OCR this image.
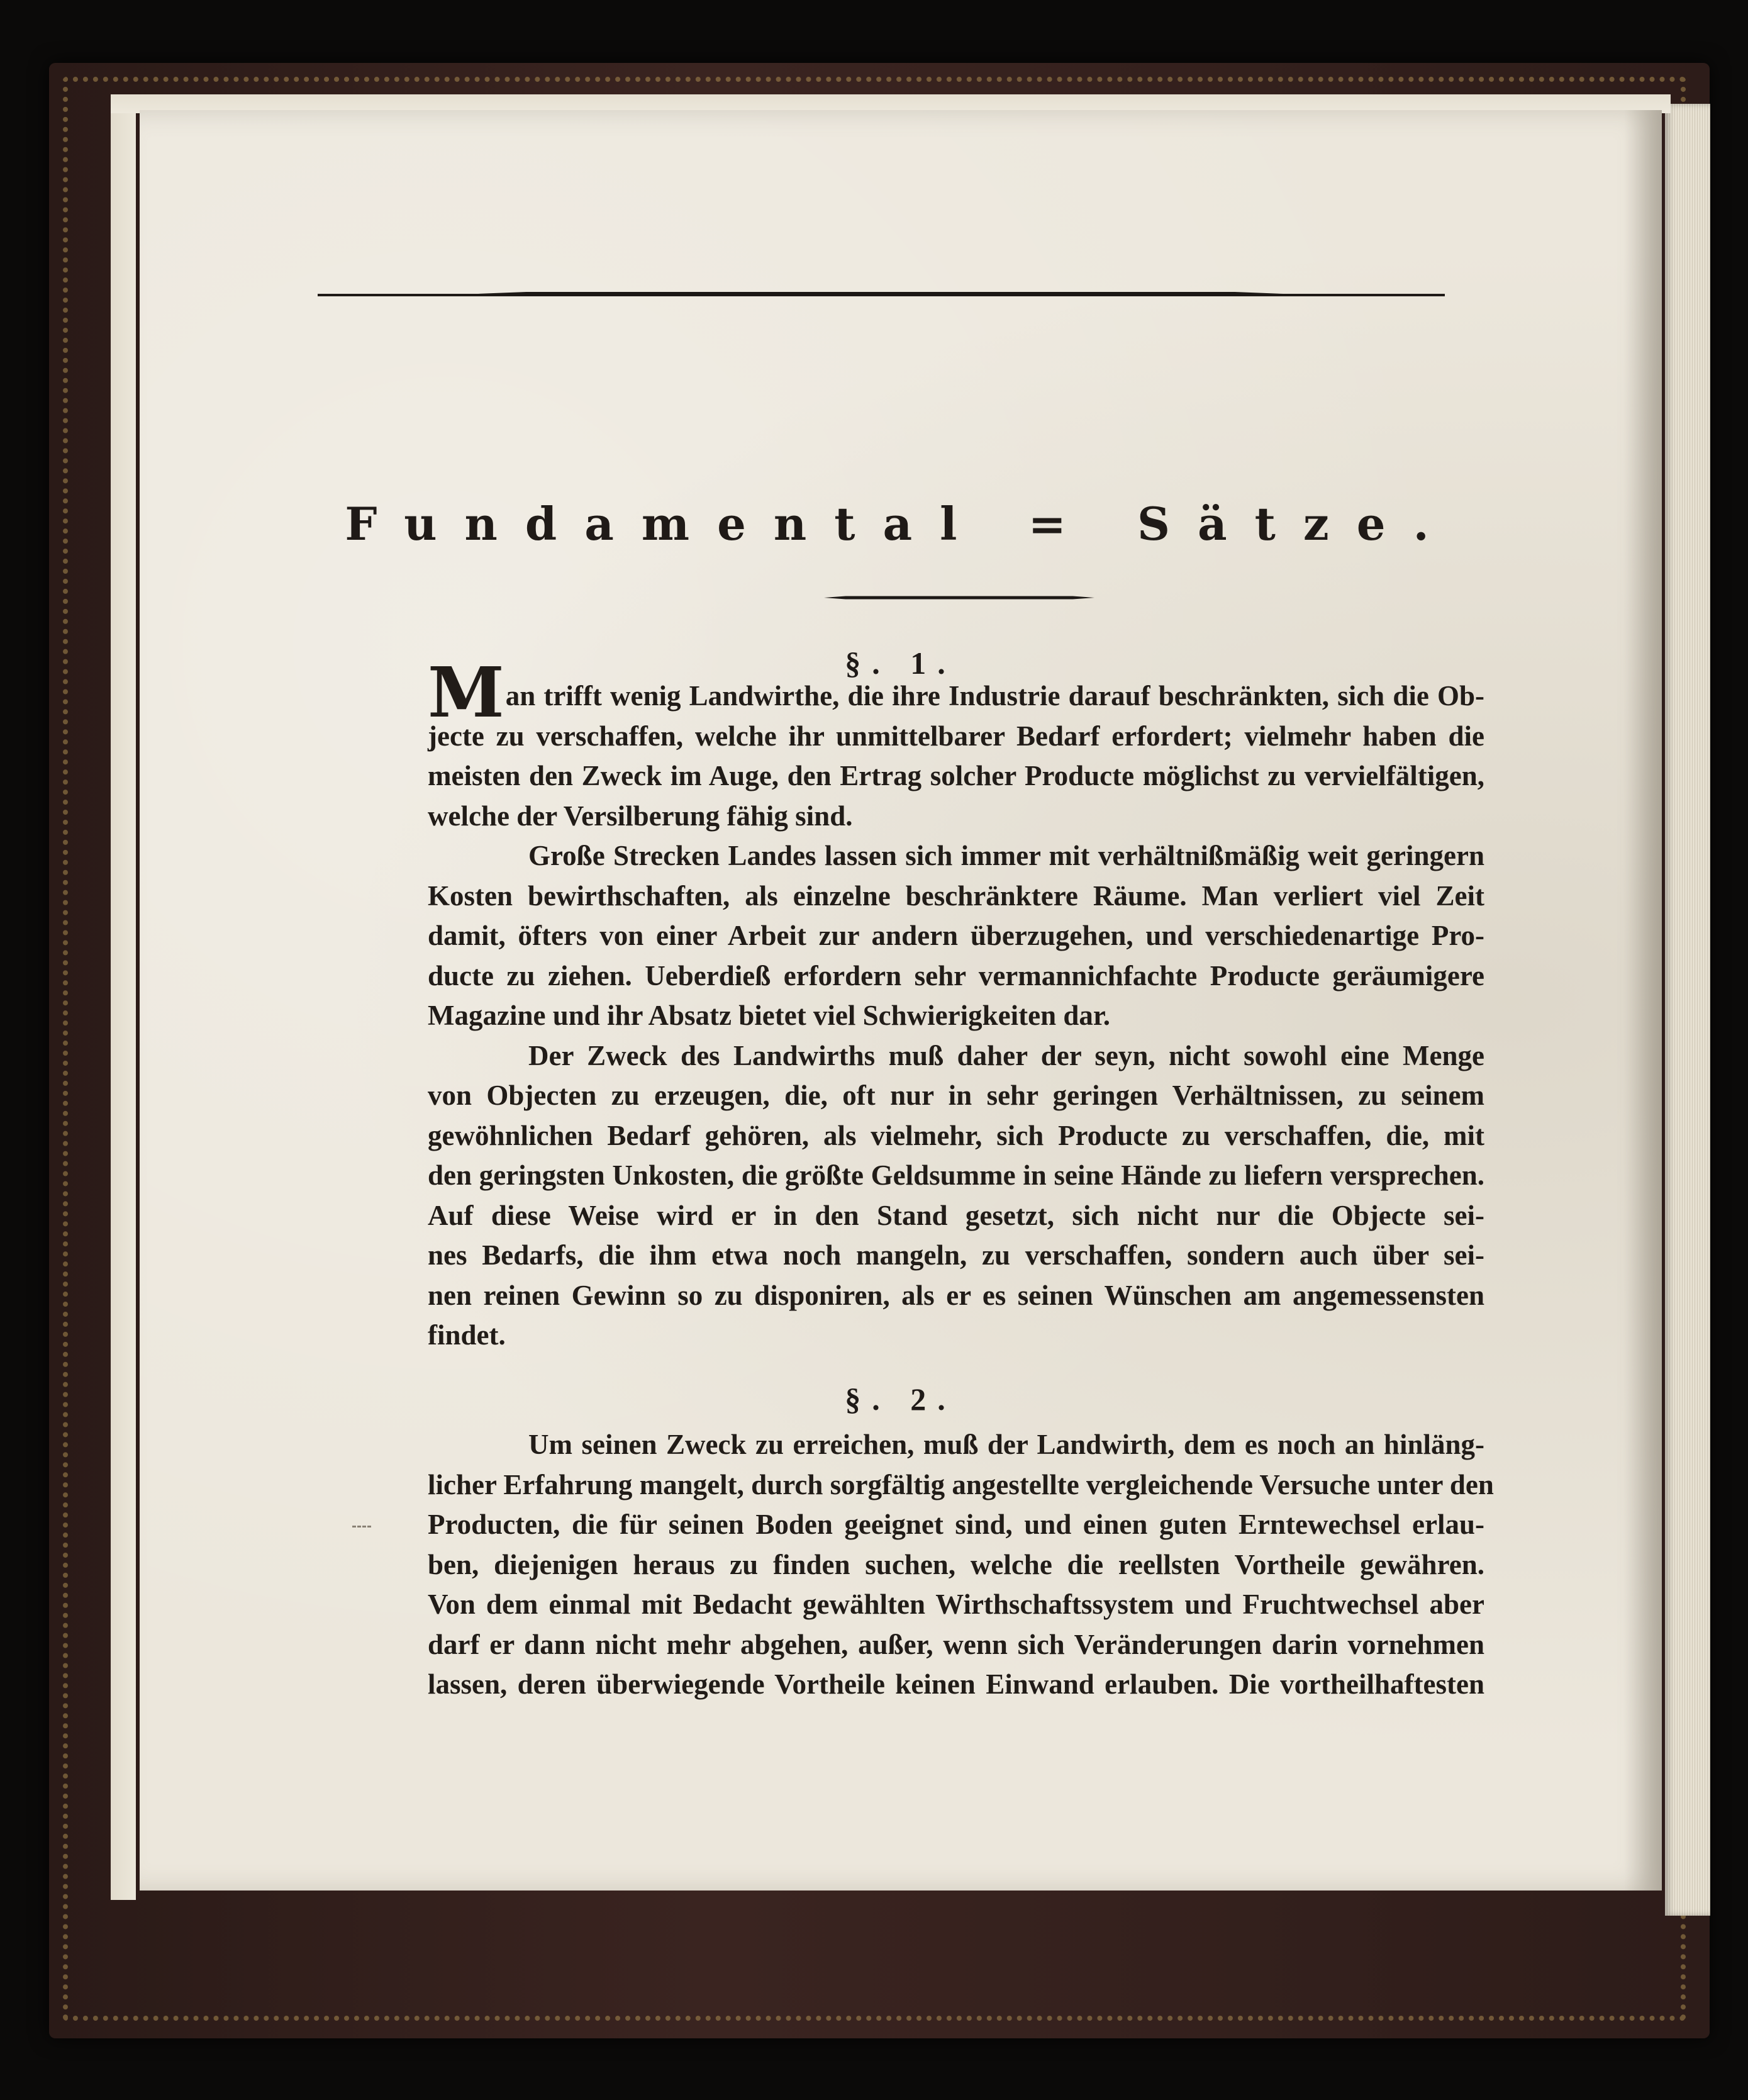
Fundamental = Sätze.
§. 1.
Man trifft wenig Landwirthe, die ihre Industrie darauf beschränkten, sich die Ob-
jecte zu verschaffen, welche ihr unmittelbarer Bedarf erfordert; vielmehr haben die
meisten den Zweck im Auge, den Ertrag solcher Producte möglichst zu vervielfältigen,
welche der Versilberung fähig sind.
Große Strecken Landes lassen sich immer mit verhältnißmäßig weit geringern
Kosten bewirthschaften, als einzelne beschränktere Räume. Man verliert viel Zeit
damit, öfters von einer Arbeit zur andern überzugehen, und verschiedenartige Pro-
ducte zu ziehen. Ueberdieß erfordern sehr vermannichfachte Producte geräumigere
Magazine und ihr Absatz bietet viel Schwierigkeiten dar.
Der Zweck des Landwirths muß daher der seyn, nicht sowohl eine Menge
von Objecten zu erzeugen, die, oft nur in sehr geringen Verhältnissen, zu seinem
gewöhnlichen Bedarf gehören, als vielmehr, sich Producte zu verschaffen, die, mit
den geringsten Unkosten, die größte Geldsumme in seine Hände zu liefern versprechen.
Auf diese Weise wird er in den Stand gesetzt, sich nicht nur die Objecte sei-
nes Bedarfs, die ihm etwa noch mangeln, zu verschaffen, sondern auch über sei-
nen reinen Gewinn so zu disponiren, als er es seinen Wünschen am angemessensten
findet.
§. 2.
Um seinen Zweck zu erreichen, muß der Landwirth, dem es noch an hinläng-
licher Erfahrung mangelt, durch sorgfältig angestellte vergleichende Versuche unter den
Producten, die für seinen Boden geeignet sind, und einen guten Erntewechsel erlau-
ben, diejenigen heraus zu finden suchen, welche die reellsten Vortheile gewähren.
Von dem einmal mit Bedacht gewählten Wirthschaftssystem und Fruchtwechsel aber
darf er dann nicht mehr abgehen, außer, wenn sich Veränderungen darin vornehmen
lassen, deren überwiegende Vortheile keinen Einwand erlauben. Die vortheilhaftesten
